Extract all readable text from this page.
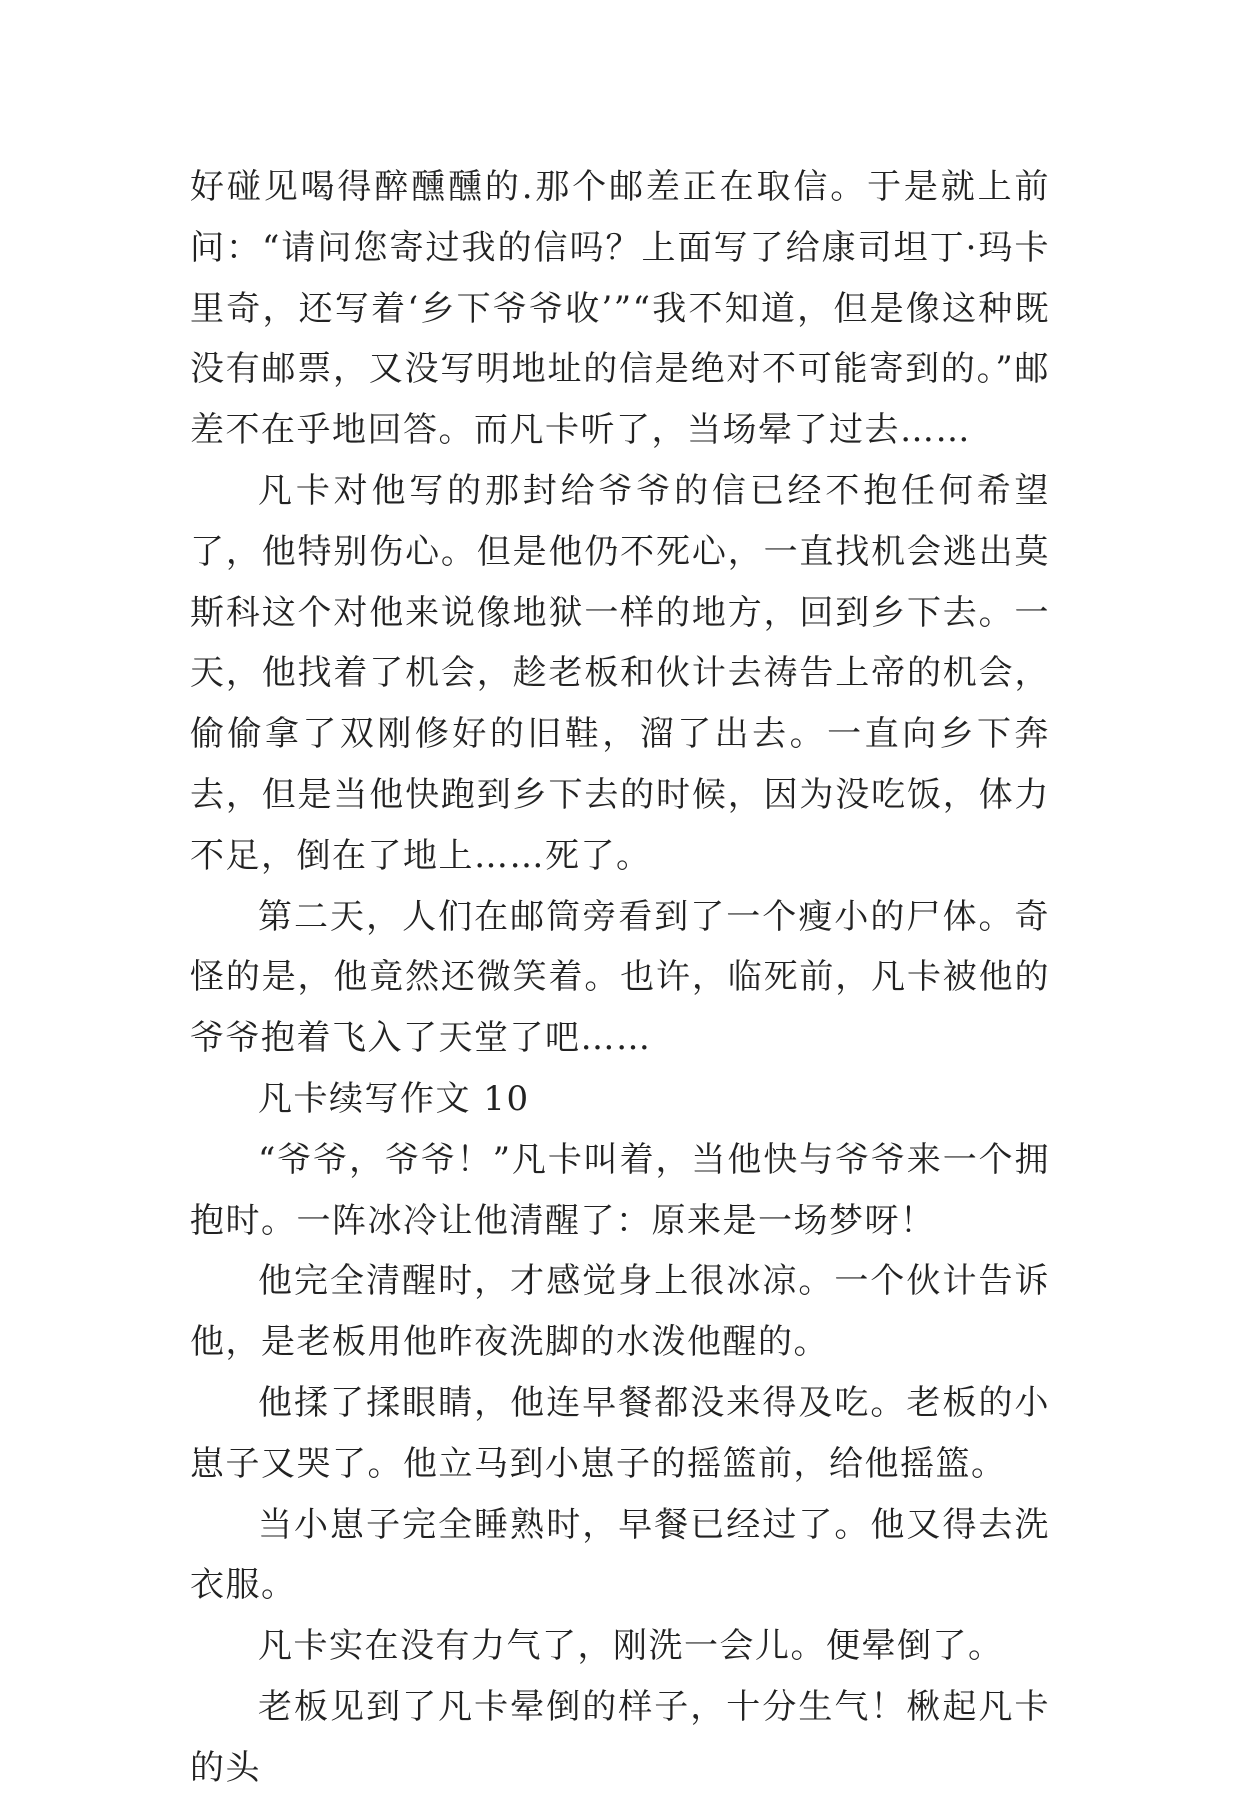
好碰见喝得醉醺醺的.那个邮差正在取信。于是就上前问：“请问您寄过我的信吗？上面写了给康司坦丁·玛卡里奇，还写着‘乡下爷爷收’”“我不知道，但是像这种既没有邮票，又没写明地址的信是绝对不可能寄到的。”邮差不在乎地回答。而凡卡听了，当场晕了过去……

凡卡对他写的那封给爷爷的信已经不抱任何希望了，他特别伤心。但是他仍不死心，一直找机会逃出莫斯科这个对他来说像地狱一样的地方，回到乡下去。一天，他找着了机会，趁老板和伙计去祷告上帝的机会，偷偷拿了双刚修好的旧鞋，溜了出去。一直向乡下奔去，但是当他快跑到乡下去的时候，因为没吃饭，体力不足，倒在了地上……死了。

第二天，人们在邮筒旁看到了一个瘦小的尸体。奇怪的是，他竟然还微笑着。也许，临死前，凡卡被他的爷爷抱着飞入了天堂了吧……

凡卡续写作文 10

“爷爷，爷爷！”凡卡叫着，当他快与爷爷来一个拥抱时。一阵冰冷让他清醒了：原来是一场梦呀！

他完全清醒时，才感觉身上很冰凉。一个伙计告诉他，是老板用他昨夜洗脚的水泼他醒的。

他揉了揉眼睛，他连早餐都没来得及吃。老板的小崽子又哭了。他立马到小崽子的摇篮前，给他摇篮。

当小崽子完全睡熟时，早餐已经过了。他又得去洗衣服。

凡卡实在没有力气了，刚洗一会儿。便晕倒了。

老板见到了凡卡晕倒的样子，十分生气！楸起凡卡的头
